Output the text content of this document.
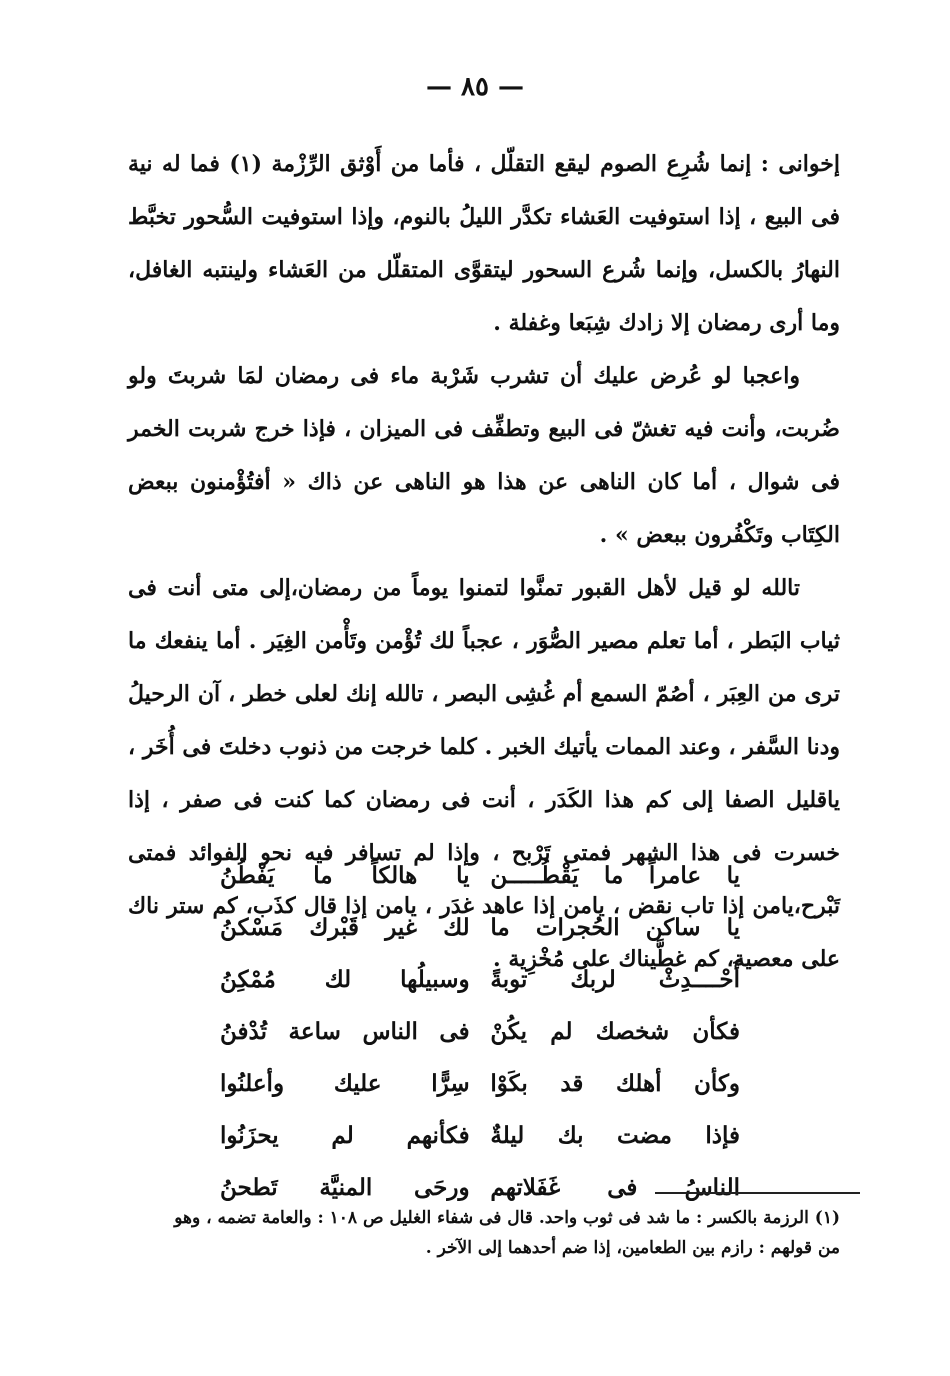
— ٨٥ —

إخوانى : إنما شُرِع الصوم ليقع التقلّل ، فأما من أَوْثق الرِّزْمة (١) فما له نية فى البيع ، إذا استوفيت العَشاء تكدَّر الليلُ بالنوم، وإذا استوفيت السُّحور تخبَّط النهارُ بالكسل، وإنما شُرع السحور ليتقوَّى المتقلّل من العَشاء ولينتبه الغافل، وما أرى رمضان إلا زادك شِبَعا وغفلة .

واعجبا لو عُرض عليك أن تشرب شَرْبة ماء فى رمضان لمَا شربتَ ولو ضُربت، وأنت فيه تغشّ فى البيع وتطفِّف فى الميزان ، فإذا خرج شربت الخمر فى شوال ، أما كان الناهى عن هذا هو الناهى عن ذاك « أفتُؤْمنون ببعض الكِتَاب وتَكْفُرون ببعض » .

تالله لو قيل لأهل القبور تمنَّوا لتمنوا يوماً من رمضان،إلى متى أنت فى ثياب البَطر ، أما تعلم مصير الصُّوَر ، عجباً لك تُؤْمن وتَأْمن الغِيَر . أما ينفعك ما ترى من العِبَر ، أصُمّ السمع أم غُشِى البصر ، تالله إنك لعلى خطر ، آن الرحيلُ ودنا السَّفر ، وعند الممات يأتيك الخبر . كلما خرجت من ذنوب دخلتَ فى أُخَر ، ياقليل الصفا إلى كم هذا الكَدَر ، أنت فى رمضان كما كنت فى صفر ، إذا خسرت فى هذا الشهر فمتى تَرْبح ، وإذا لم تسافر فيه نحو الفوائد فمتى تَبْرح،يامن إذا تاب نقض ، يامن إذا عاهد غدَر ، يامن إذا قال كذَب، كم ستر ناك على معصية، كم غطَّيناك على مُخْزِية .

يا عامراً ما يَقْطُـــــن
يا هالكاً ما يَفْطُنُ
يا ساكن الحُجرات ما
لك غير قَبْرك مَسْكنُ
أَحْــــدِثْ لربك توبةً
وسبيلُها لك مُمْكِنُ
فكأن شخصك لم يكُنْ
فى الناس ساعة تُدْفنُ
وكأن أهلك قد بكَوْا
سِرًّا عليك وأعلنُوا
فإذا مضت بك ليلةٌ
فكأنهم لم يحزَنُوا
الناسُ فى غَفَلاتهم
ورحَى المنيَّة تَطحنُ

(١) الرزمة بالكسر : ما شد فى ثوب واحد. قال فى شفاء الغليل ص ١٠٨ : والعامة تضمه ، وهو

من قولهم : رازم بين الطعامين، إذا ضم أحدهما إلى الآخر .
